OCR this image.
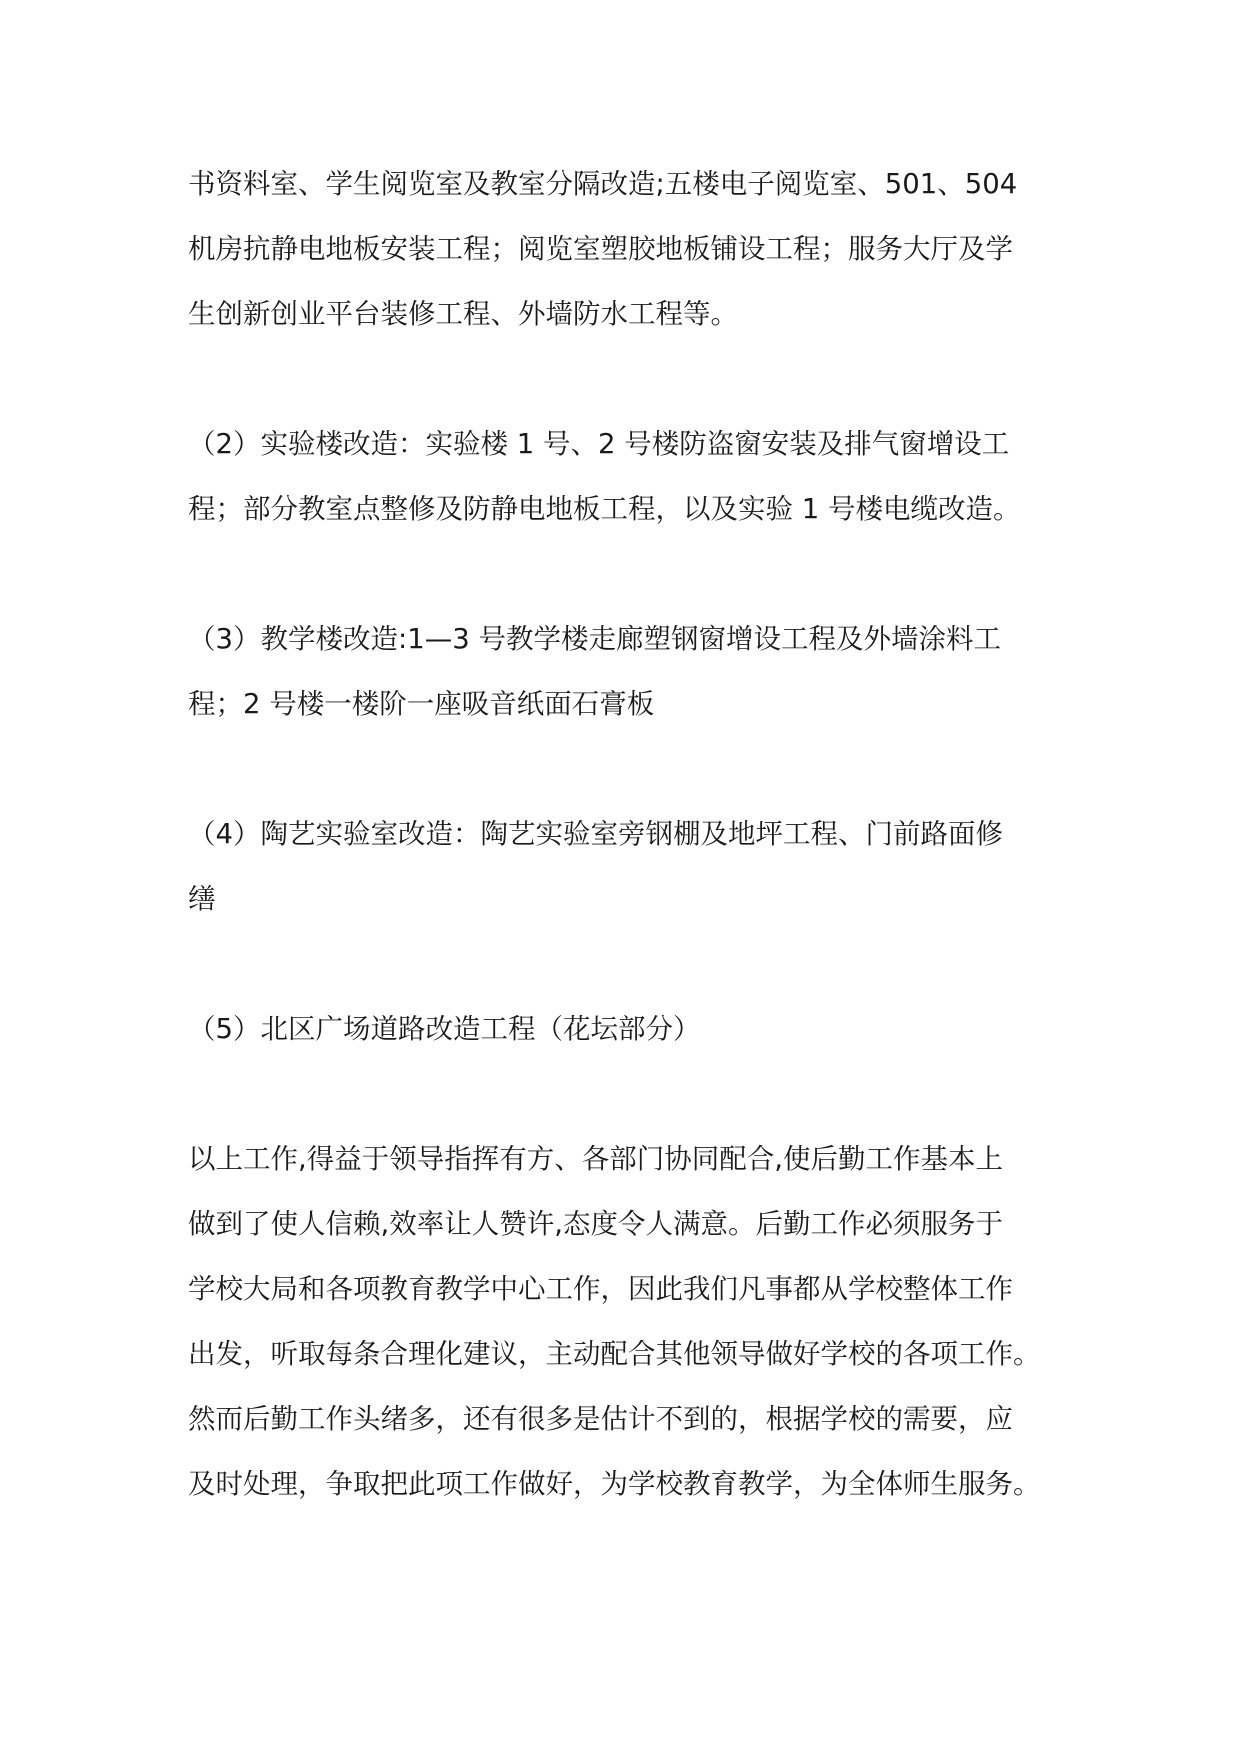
书资料室、学生阅览室及教室分隔改造;五楼电子阅览室、501、504
机房抗静电地板安装工程；阅览室塑胶地板铺设工程；服务大厅及学
生创新创业平台装修工程、外墙防水工程等。
（2）实验楼改造：实验楼 1 号、2 号楼防盗窗安装及排气窗增设工
程；部分教室点整修及防静电地板工程，以及实验 1 号楼电缆改造。
（3）教学楼改造:1—3 号教学楼走廊塑钢窗增设工程及外墙涂料工
程；2 号楼一楼阶一座吸音纸面石膏板
（4）陶艺实验室改造：陶艺实验室旁钢棚及地坪工程、门前路面修
缮
（5）北区广场道路改造工程（花坛部分）
以上工作,得益于领导指挥有方、各部门协同配合,使后勤工作基本上
做到了使人信赖,效率让人赞许,态度令人满意。后勤工作必须服务于
学校大局和各项教育教学中心工作，因此我们凡事都从学校整体工作
出发，听取每条合理化建议，主动配合其他领导做好学校的各项工作。
然而后勤工作头绪多，还有很多是估计不到的，根据学校的需要，应
及时处理，争取把此项工作做好，为学校教育教学，为全体师生服务。
